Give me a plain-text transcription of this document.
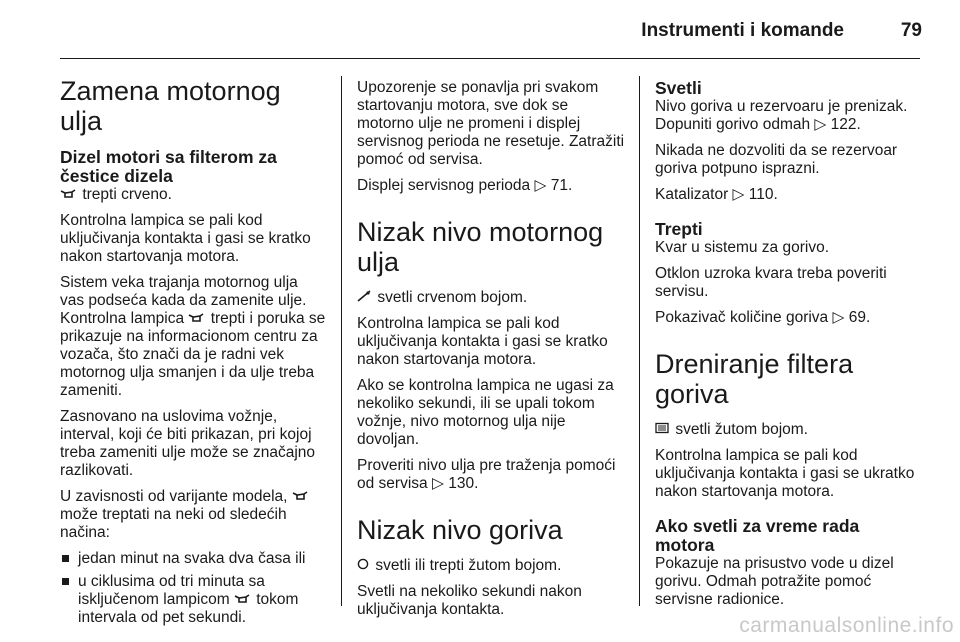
Instrumenti i komande	79
Zamena motornog ulja
Dizel motori sa filterom za čestice dizela

trepti crveno.

Kontrolna lampica se pali kod uključivanja kontakta i gasi se kratko nakon startovanja motora.

Sistem veka trajanja motornog ulja vas podseća kada da zamenite ulje. Kontrolna lampica trepti i poruka se prikazuje na informacionom centru za vozača, što znači da je radni vek motornog ulja smanjen i da ulje treba zameniti.

Zasnovano na uslovima vožnje, interval, koji će biti prikazan, pri kojoj treba zameniti ulje može se značajno razlikovati.

U zavisnosti od varijante modela,  može treptati na neki od sledećih načina:

jedan minut na svaka dva časa ili
u ciklusima od tri minuta sa isključenom lampicom tokom intervala od pet sekundi.

Upozorenje se ponavlja pri svakom startovanju motora, sve dok se motorno ulje ne promeni i displej servisnog perioda ne resetuje. Zatražiti pomoć od servisa.

Displej servisnog perioda ▷ 71.

Nizak nivo motornog ulja

svetli crvenom bojom.

Kontrolna lampica se pali kod uključivanja kontakta i gasi se kratko nakon startovanja motora.

Ako se kontrolna lampica ne ugasi za nekoliko sekundi, ili se upali tokom vožnje, nivo motornog ulja nije dovoljan.

Proveriti nivo ulja pre traženja pomoći od servisa ▷ 130.

Nizak nivo goriva

svetli ili trepti žutom bojom.

Svetli na nekoliko sekundi nakon uključivanja kontakta.

Svetli

Nivo goriva u rezervoaru je prenizak. Dopuniti gorivo odmah ▷ 122.

Nikada ne dozvoliti da se rezervoar goriva potpuno isprazni.

Katalizator ▷ 110.

Trepti

Kvar u sistemu za gorivo.

Otklon uzroka kvara treba poveriti servisu.

Pokazivač količine goriva ▷ 69.

Dreniranje filtera goriva

svetli žutom bojom.

Kontrolna lampica se pali kod uključivanja kontakta i gasi se ukratko nakon startovanja motora.

Ako svetli za vreme rada motora

Pokazuje na prisustvo vode u dizel gorivu. Odmah potražite pomoć servisne radionice.

carmanualsonline.info
